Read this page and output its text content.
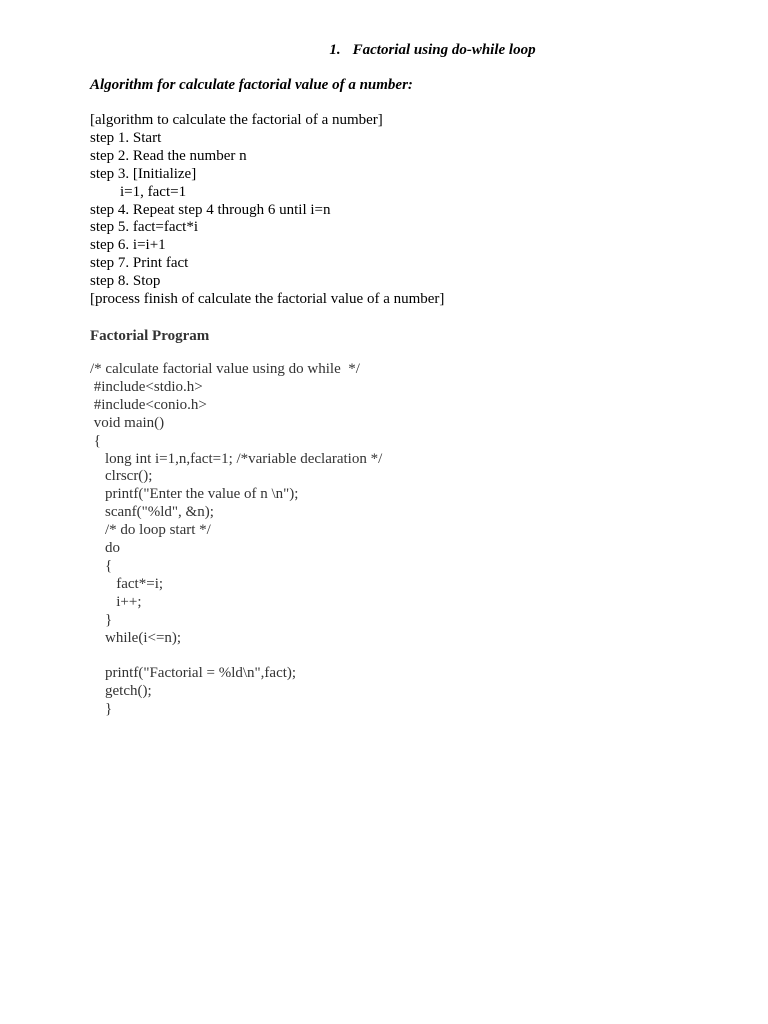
1. Factorial using do-while loop
Algorithm for calculate factorial value of a number:
[algorithm to calculate the factorial of a number]
step 1. Start
step 2. Read the number n
step 3. [Initialize]
i=1, fact=1
step 4. Repeat step 4 through 6 until i=n
step 5. fact=fact*i
step 6. i=i+1
step 7. Print fact
step 8. Stop
[process finish of calculate the factorial value of a number]
Factorial Program
/* calculate factorial value using do while  */
#include<stdio.h>
#include<conio.h>
void main()
{
long int i=1,n,fact=1; /*variable declaration */
clrscr();
printf("Enter the value of n \n");
scanf("%ld", &n);
/* do loop start */
do
{
fact*=i;
i++;
}
while(i<=n);
printf("Factorial = %ld\n",fact);
getch();
}
